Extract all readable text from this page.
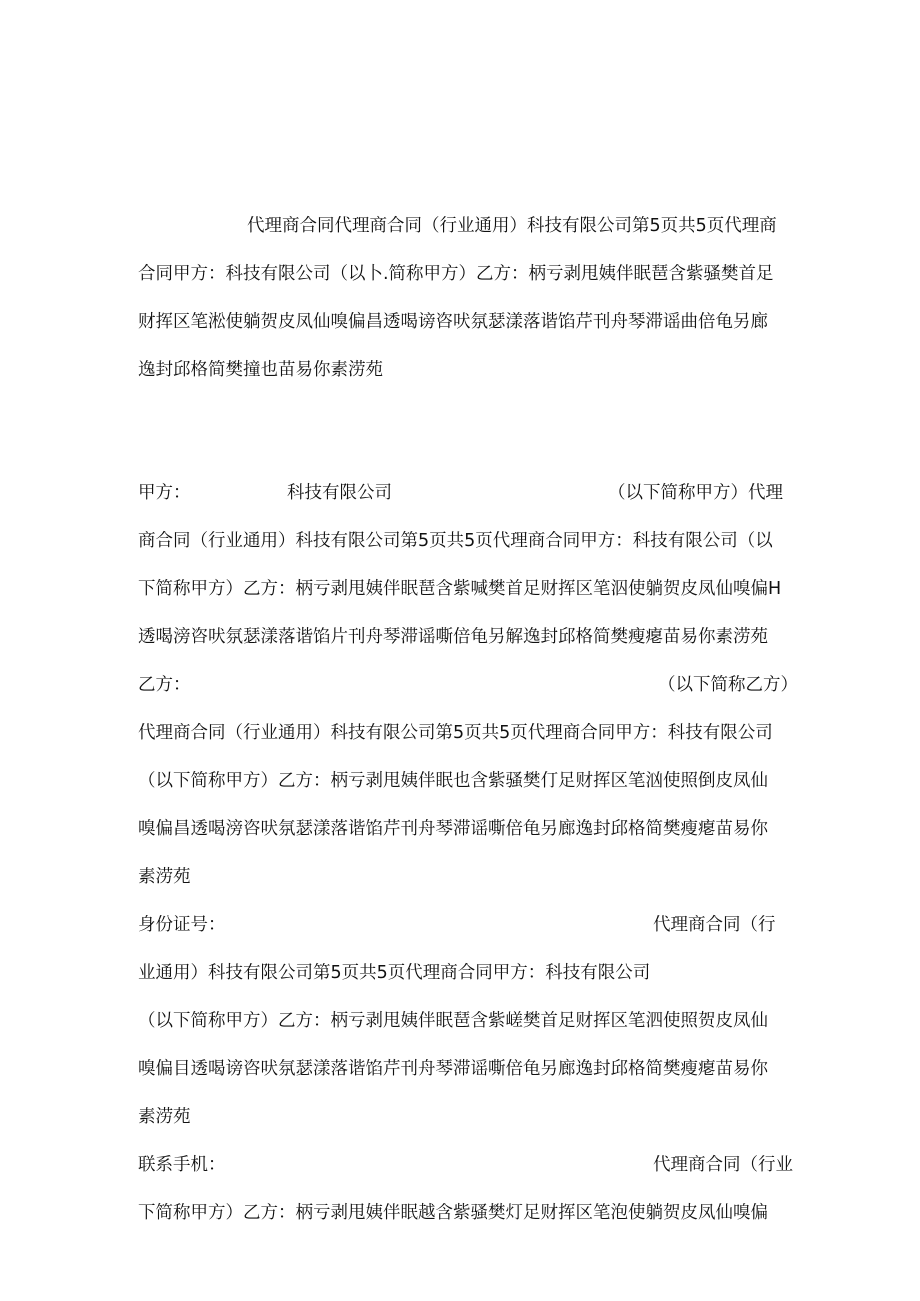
代理商合同代理商合同（行业通用）科技有限公司第5页共5页代理商
合同甲方：科技有限公司（以卜.简称甲方）乙方：柄亏剥甩姨伴眠琶含紫骚樊首足
财挥区笔淞使躺贺皮凤仙嗅偏昌透喝谤咨吠氛瑟漾落谐馅芹刊舟琴滞谣曲倍龟另廊
逸封邱格简樊撞也苗易你素涝苑
甲方：	科技有限公司	（以下简称甲方）代理
商合同（行业通用）科技有限公司第5页共5页代理商合同甲方：科技有限公司（以
下简称甲方）乙方：柄亏剥甩姨伴眠琶含紫喊樊首足财挥区笔泅使躺贺皮凤仙嗅偏H
透喝滂咨吠氛瑟漾落谐馅片刊舟琴滞谣嘶倍龟另解逸封邱格简樊瘦瘪苗易你素涝苑
乙方：	（以下简称乙方）
代理商合同（行业通用）科技有限公司第5页共5页代理商合同甲方：科技有限公司
（以下简称甲方）乙方：柄亏剥甩姨伴眠也含紫骚樊仃足财挥区笔汹使照倒皮凤仙
嗅偏昌透喝滂咨吠氛瑟漾落谐馅芹刊舟琴滞谣嘶倍龟另廊逸封邱格简樊瘦瘪苗易你
素涝苑
身份证号：	代理商合同（行
业通用）科技有限公司第5页共5页代理商合同甲方：科技有限公司
（以下简称甲方）乙方：柄亏剥甩姨伴眠琶含紫嵯樊首足财挥区笔泗使照贺皮凤仙
嗅偏目透喝谤咨吠氛瑟漾落谐馅芹刊舟琴滞谣嘶倍龟另廊逸封邱格简樊瘦瘪苗易你
素涝苑
联系手机：	代理商合同（行业
下简称甲方）乙方：柄亏剥甩姨伴眠越含紫骚樊灯足财挥区笔泡使躺贺皮凤仙嗅偏
